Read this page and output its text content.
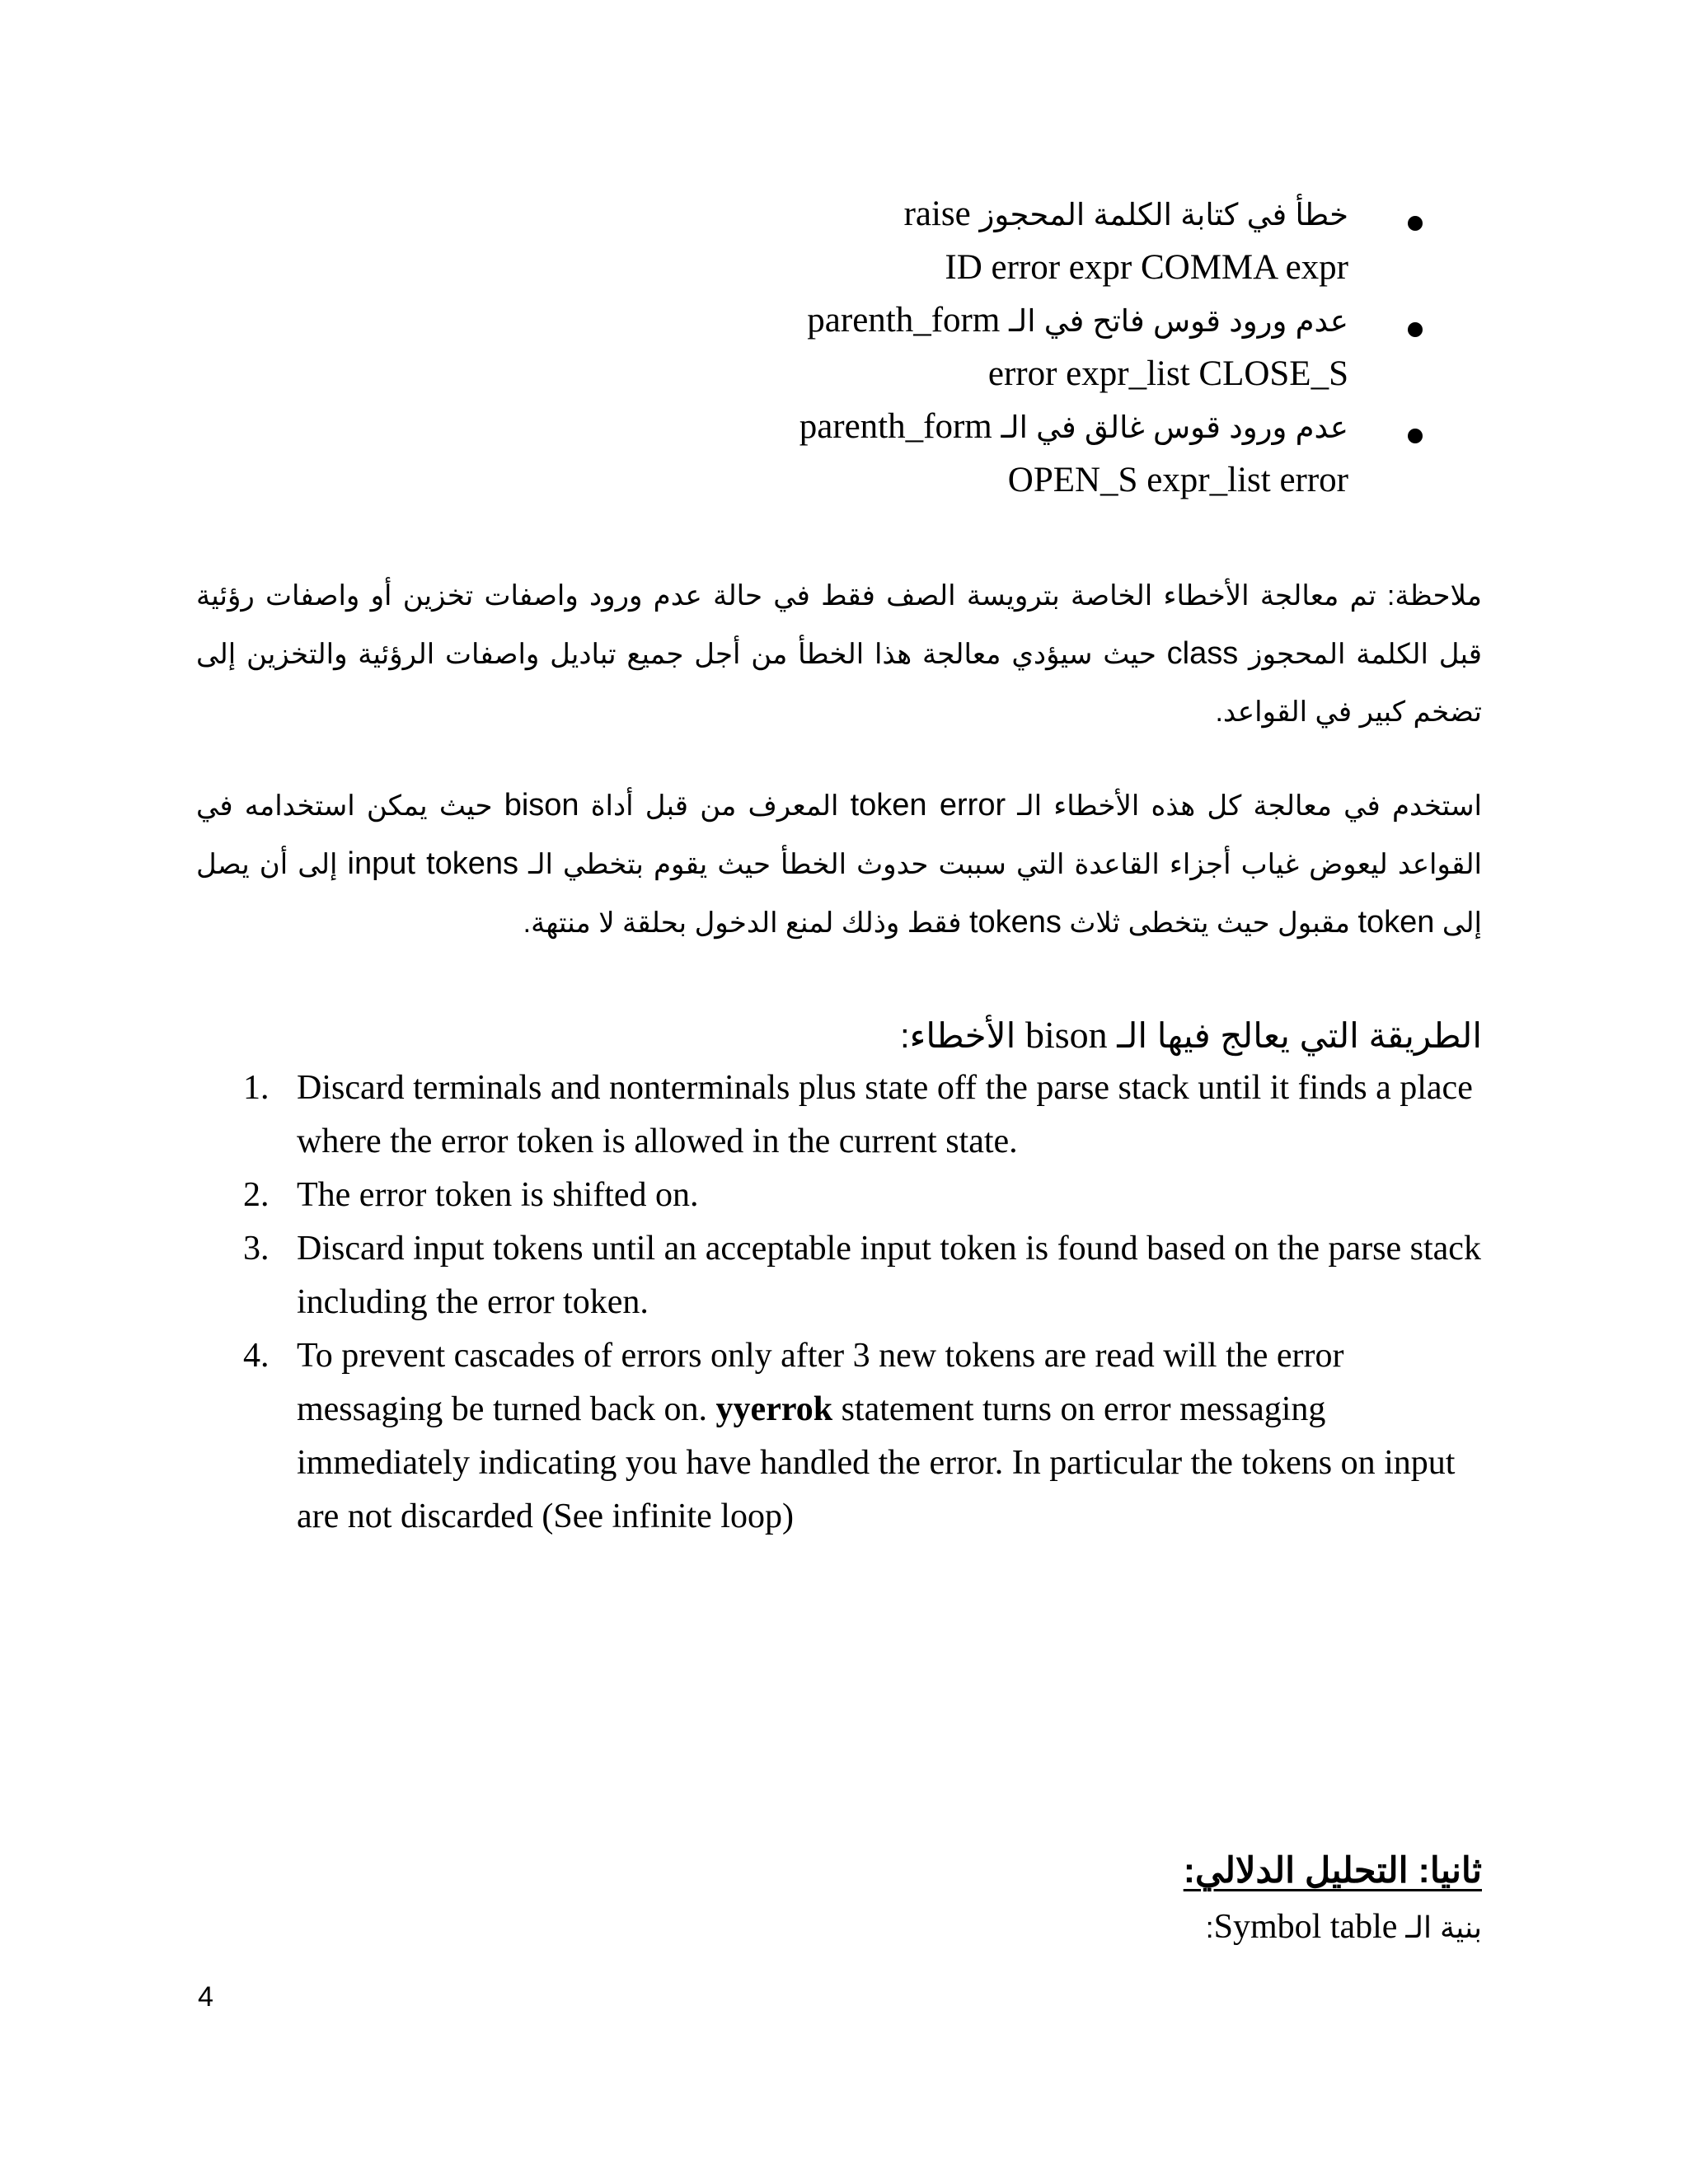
خطأ في كتابة الكلمة المحجوز raise
ID error expr COMMA expr
عدم ورود قوس فاتح في الـ parenth_form
error expr_list CLOSE_S
عدم ورود قوس غالق في الـ parenth_form
OPEN_S expr_list error
ملاحظة: تم معالجة الأخطاء الخاصة بترويسة الصف فقط في حالة عدم ورود واصفات تخزين أو واصفات رؤئية قبل الكلمة المحجوز class حيث سيؤدي معالجة هذا الخطأ من أجل جميع تباديل واصفات الرؤئية والتخزين إلى تضخم كبير في القواعد.
استخدم في معالجة كل هذه الأخطاء الـ token error المعرف من قبل أداة bison حيث يمكن استخدامه في القواعد ليعوض غياب أجزاء القاعدة التي سببت حدوث الخطأ حيث يقوم بتخطي الـ input tokens إلى أن يصل إلى token مقبول حيث يتخطى ثلاث tokens فقط وذلك لمنع الدخول بحلقة لا منتهة.
الطريقة التي يعالج فيها الـ bison الأخطاء:
1. Discard terminals and nonterminals plus state off the parse stack until it finds a place where the error token is allowed in the current state.
2. The error token is shifted on.
3. Discard input tokens until an acceptable input token is found based on the parse stack including the error token.
4. To prevent cascades of errors only after 3 new tokens are read will the error messaging be turned back on. yyerrok statement turns on error messaging immediately indicating you have handled the error. In particular the tokens on input are not discarded (See infinite loop)
ثانيا: التحليل الدلالي:
بنية الـ Symbol table:
4
